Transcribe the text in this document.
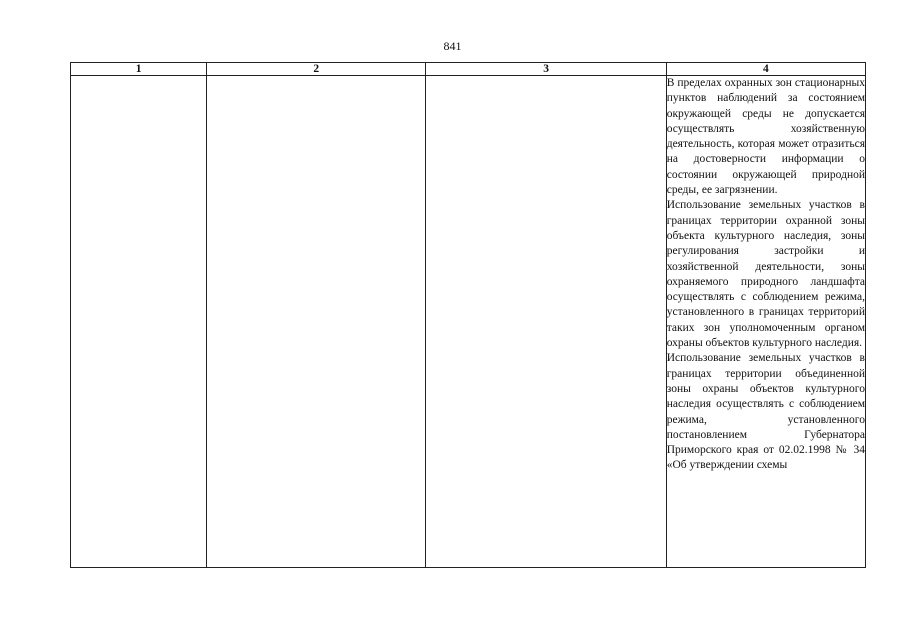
841
1	2	3	4

			В пределах охранных зон стационарных пунктов наблюдений за состоянием окружающей среды не допускается осуществлять хозяйственную деятельность, которая может отразиться на достоверности информации о состоянии окружающей природной среды, ее загрязнении.

Использование земельных участков в границах территории охранной зоны объекта культурного наследия, зоны регулирования застройки и хозяйственной деятельности, зоны охраняемого природного ландшафта осуществлять с соблюдением режима, установленного в границах территорий таких зон уполномоченным органом охраны объектов культурного наследия.

Использование земельных участков в границах территории объединенной зоны охраны объектов культурного наследия осуществлять с соблюдением режима, установленного постановлением Губернатора Приморского края от 02.02.1998 № 34 «Об утверждении схемы
